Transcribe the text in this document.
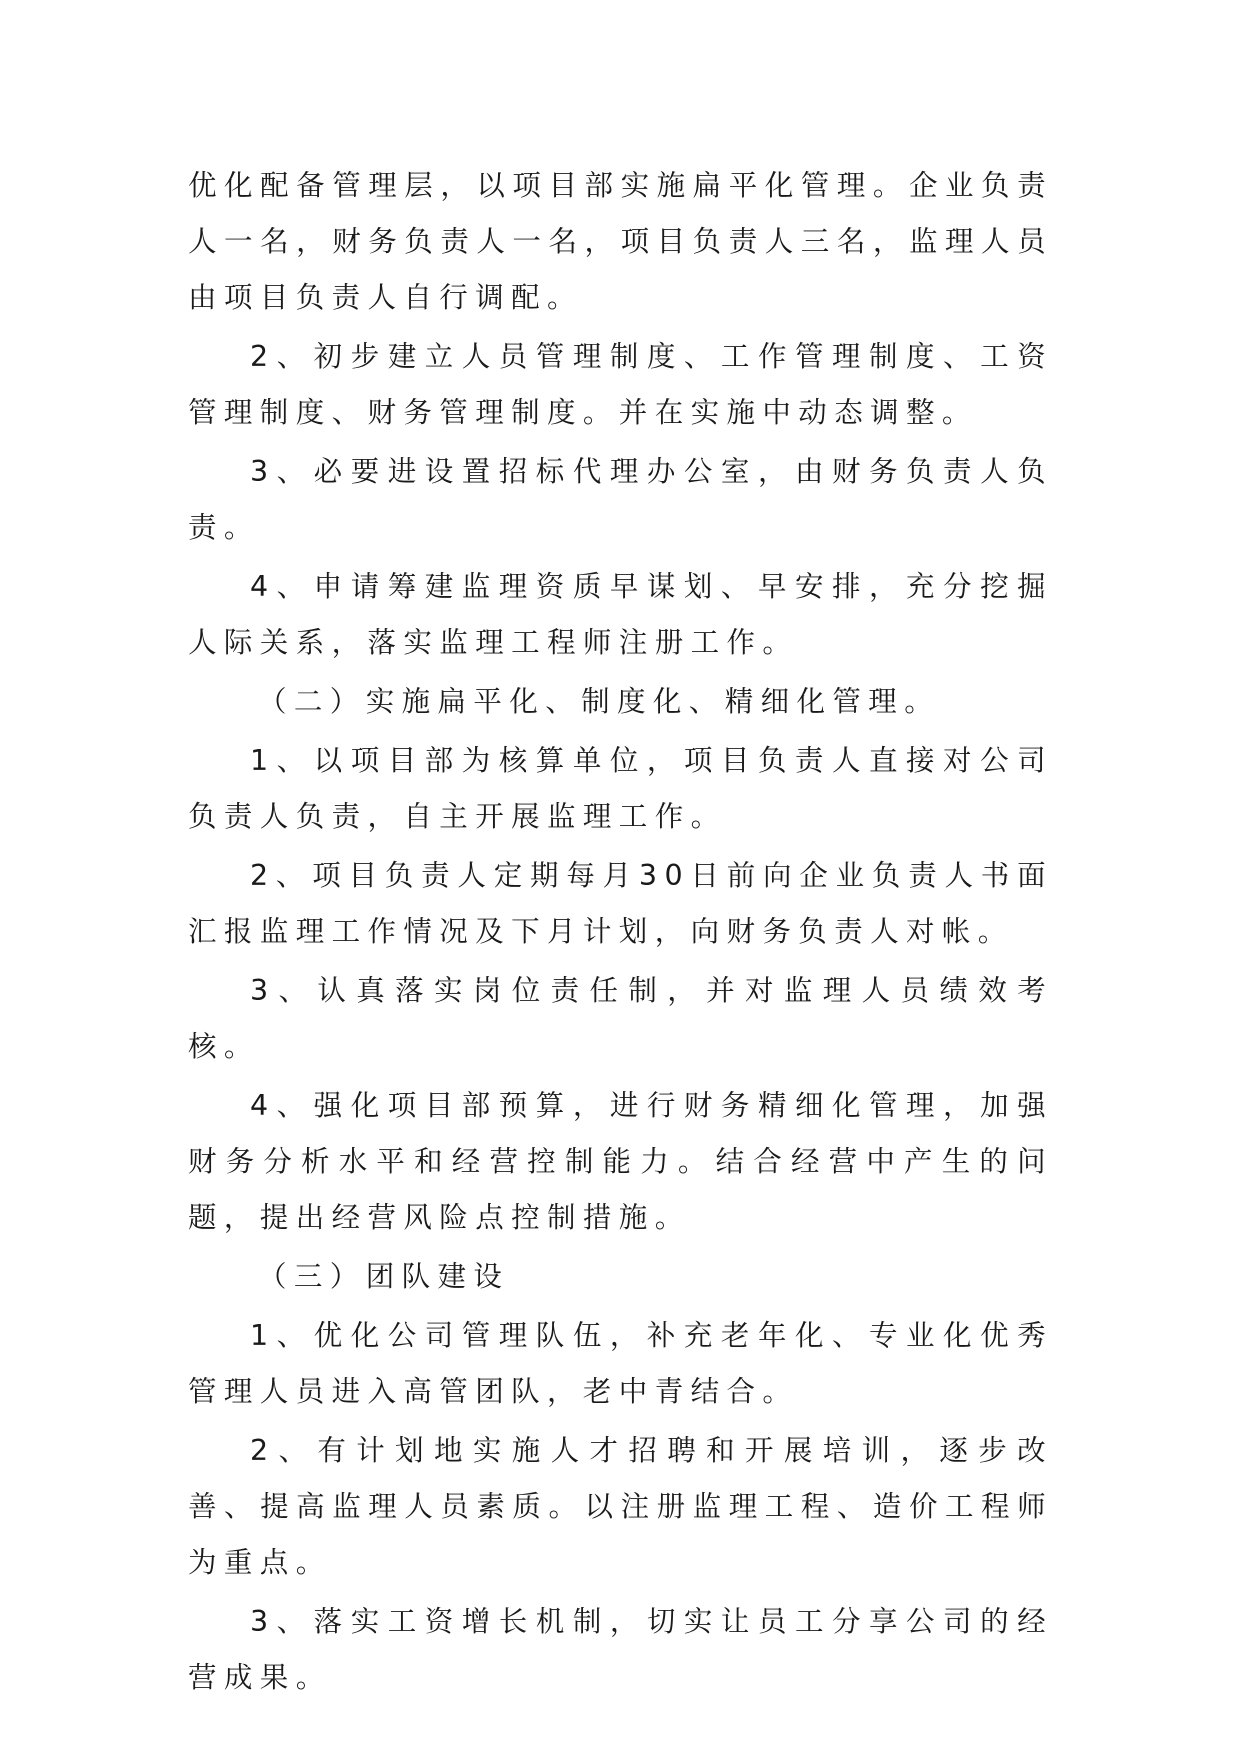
优化配备管理层，以项目部实施扁平化管理。企业负责人一名，财务负责人一名，项目负责人三名，监理人员由项目负责人自行调配。

2、初步建立人员管理制度、工作管理制度、工资管理制度、财务管理制度。并在实施中动态调整。

3、必要进设置招标代理办公室，由财务负责人负责。

4、申请筹建监理资质早谋划、早安排，充分挖掘人际关系，落实监理工程师注册工作。

（二）实施扁平化、制度化、精细化管理。

1、以项目部为核算单位，项目负责人直接对公司负责人负责，自主开展监理工作。

2、项目负责人定期每月30日前向企业负责人书面汇报监理工作情况及下月计划，向财务负责人对帐。

3、认真落实岗位责任制，并对监理人员绩效考核。

4、强化项目部预算，进行财务精细化管理，加强财务分析水平和经营控制能力。结合经营中产生的问题，提出经营风险点控制措施。

（三）团队建设

1、优化公司管理队伍，补充老年化、专业化优秀管理人员进入高管团队，老中青结合。

2、有计划地实施人才招聘和开展培训，逐步改善、提高监理人员素质。以注册监理工程、造价工程师为重点。

3、落实工资增长机制，切实让员工分享公司的经营成果。
